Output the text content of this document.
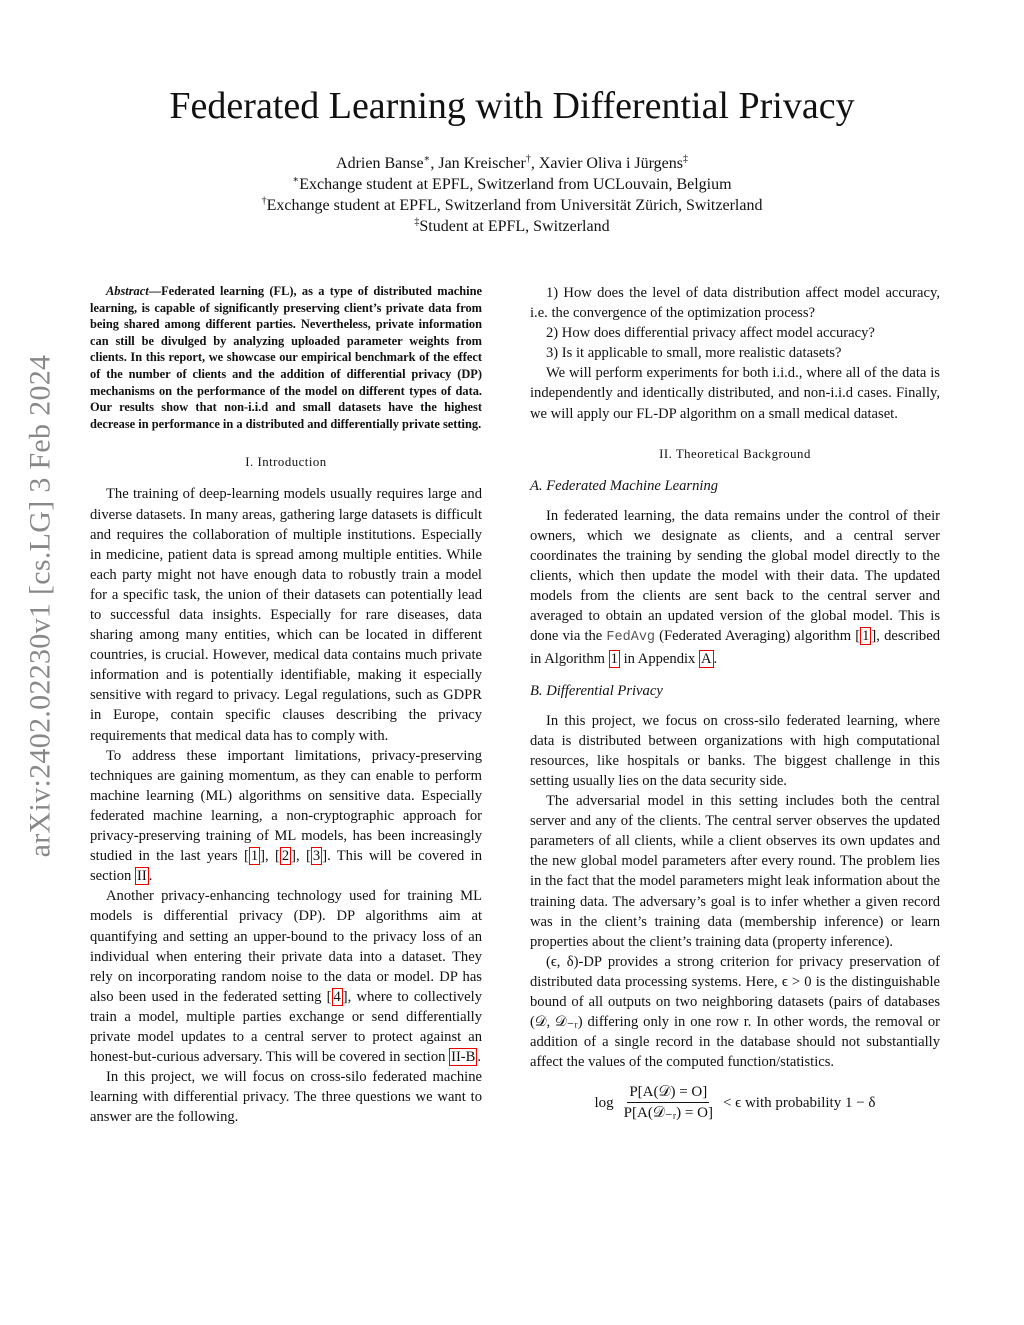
arXiv:2402.02230v1 [cs.LG] 3 Feb 2024
Federated Learning with Differential Privacy
Adrien Banse∗, Jan Kreischer†, Xavier Oliva i Jürgens‡
∗Exchange student at EPFL, Switzerland from UCLouvain, Belgium
†Exchange student at EPFL, Switzerland from Universität Zürich, Switzerland
‡Student at EPFL, Switzerland

Abstract—Federated learning (FL), as a type of distributed machine learning, is capable of significantly preserving client’s private data from being shared among different parties. Nevertheless, private information can still be divulged by analyzing uploaded parameter weights from clients. In this report, we showcase our empirical benchmark of the effect of the number of clients and the addition of differential privacy (DP) mechanisms on the performance of the model on different types of data. Our results show that non-i.i.d and small datasets have the highest decrease in performance in a distributed and differentially private setting.

I. Introduction

The training of deep-learning models usually requires large and diverse datasets. In many areas, gathering large datasets is difficult and requires the collaboration of multiple institutions. Especially in medicine, patient data is spread among multiple entities. While each party might not have enough data to robustly train a model for a specific task, the union of their datasets can potentially lead to successful data insights. Especially for rare diseases, data sharing among many entities, which can be located in different countries, is crucial. However, medical data contains much private information and is potentially identifiable, making it especially sensitive with regard to privacy. Legal regulations, such as GDPR in Europe, contain specific clauses describing the privacy requirements that medical data has to comply with.

To address these important limitations, privacy-preserving techniques are gaining momentum, as they can enable to perform machine learning (ML) algorithms on sensitive data. Especially federated machine learning, a non-cryptographic approach for privacy-preserving training of ML models, has been increasingly studied in the last years [ 1 ], [ 2 ], [ 3 ]. This will be covered in section II .

Another privacy-enhancing technology used for training ML models is differential privacy (DP). DP algorithms aim at quantifying and setting an upper-bound to the privacy loss of an individual when entering their private data into a dataset. They rely on incorporating random noise to the data or model. DP has also been used in the federated setting [ 4 ], where to collectively train a model, multiple parties exchange or send differentially private model updates to a central server to protect against an honest-but-curious adversary. This will be covered in section II-B .

In this project, we will focus on cross-silo federated machine learning with differential privacy. The three questions we want to answer are the following.

1) How does the level of data distribution affect model accuracy, i.e. the convergence of the optimization process?

2) How does differential privacy affect model accuracy?

3) Is it applicable to small, more realistic datasets?

We will perform experiments for both i.i.d., where all of the data is independently and identically distributed, and non-i.i.d cases. Finally, we will apply our FL-DP algorithm on a small medical dataset.

II. Theoretical Background
A. Federated Machine Learning

In federated learning, the data remains under the control of their owners, which we designate as clients, and a central server coordinates the training by sending the global model directly to the clients, which then update the model with their data. The updated models from the clients are sent back to the central server and averaged to obtain an updated version of the global model. This is done via the FedAvg (Federated Averaging) algorithm [ 1 ], described in Algorithm 1 in Appendix A .

B. Differential Privacy

In this project, we focus on cross-silo federated learning, where data is distributed between organizations with high computational resources, like hospitals or banks. The biggest challenge in this setting usually lies on the data security side.

The adversarial model in this setting includes both the central server and any of the clients. The central server observes the updated parameters of all clients, while a client observes its own updates and the new global model parameters after every round. The problem lies in the fact that the model parameters might leak information about the training data. The adversary’s goal is to infer whether a given record was in the client’s training data (membership inference) or learn properties about the client’s training data (property inference).

(ϵ, δ)-DP provides a strong criterion for privacy preservation of distributed data processing systems. Here, ϵ > 0 is the distinguishable bound of all outputs on two neighboring datasets (pairs of databases (𝒟, 𝒟₋ᵣ) differing only in one row r. In other words, the removal or addition of a single record in the database should not substantially affect the values of the computed function/statistics.

$\log \frac{\text{P[A(𝒟) = O]}}{\text{P[A(𝒟₋ᵣ) = O]}} < \epsilon$ with probability 1 − δ
